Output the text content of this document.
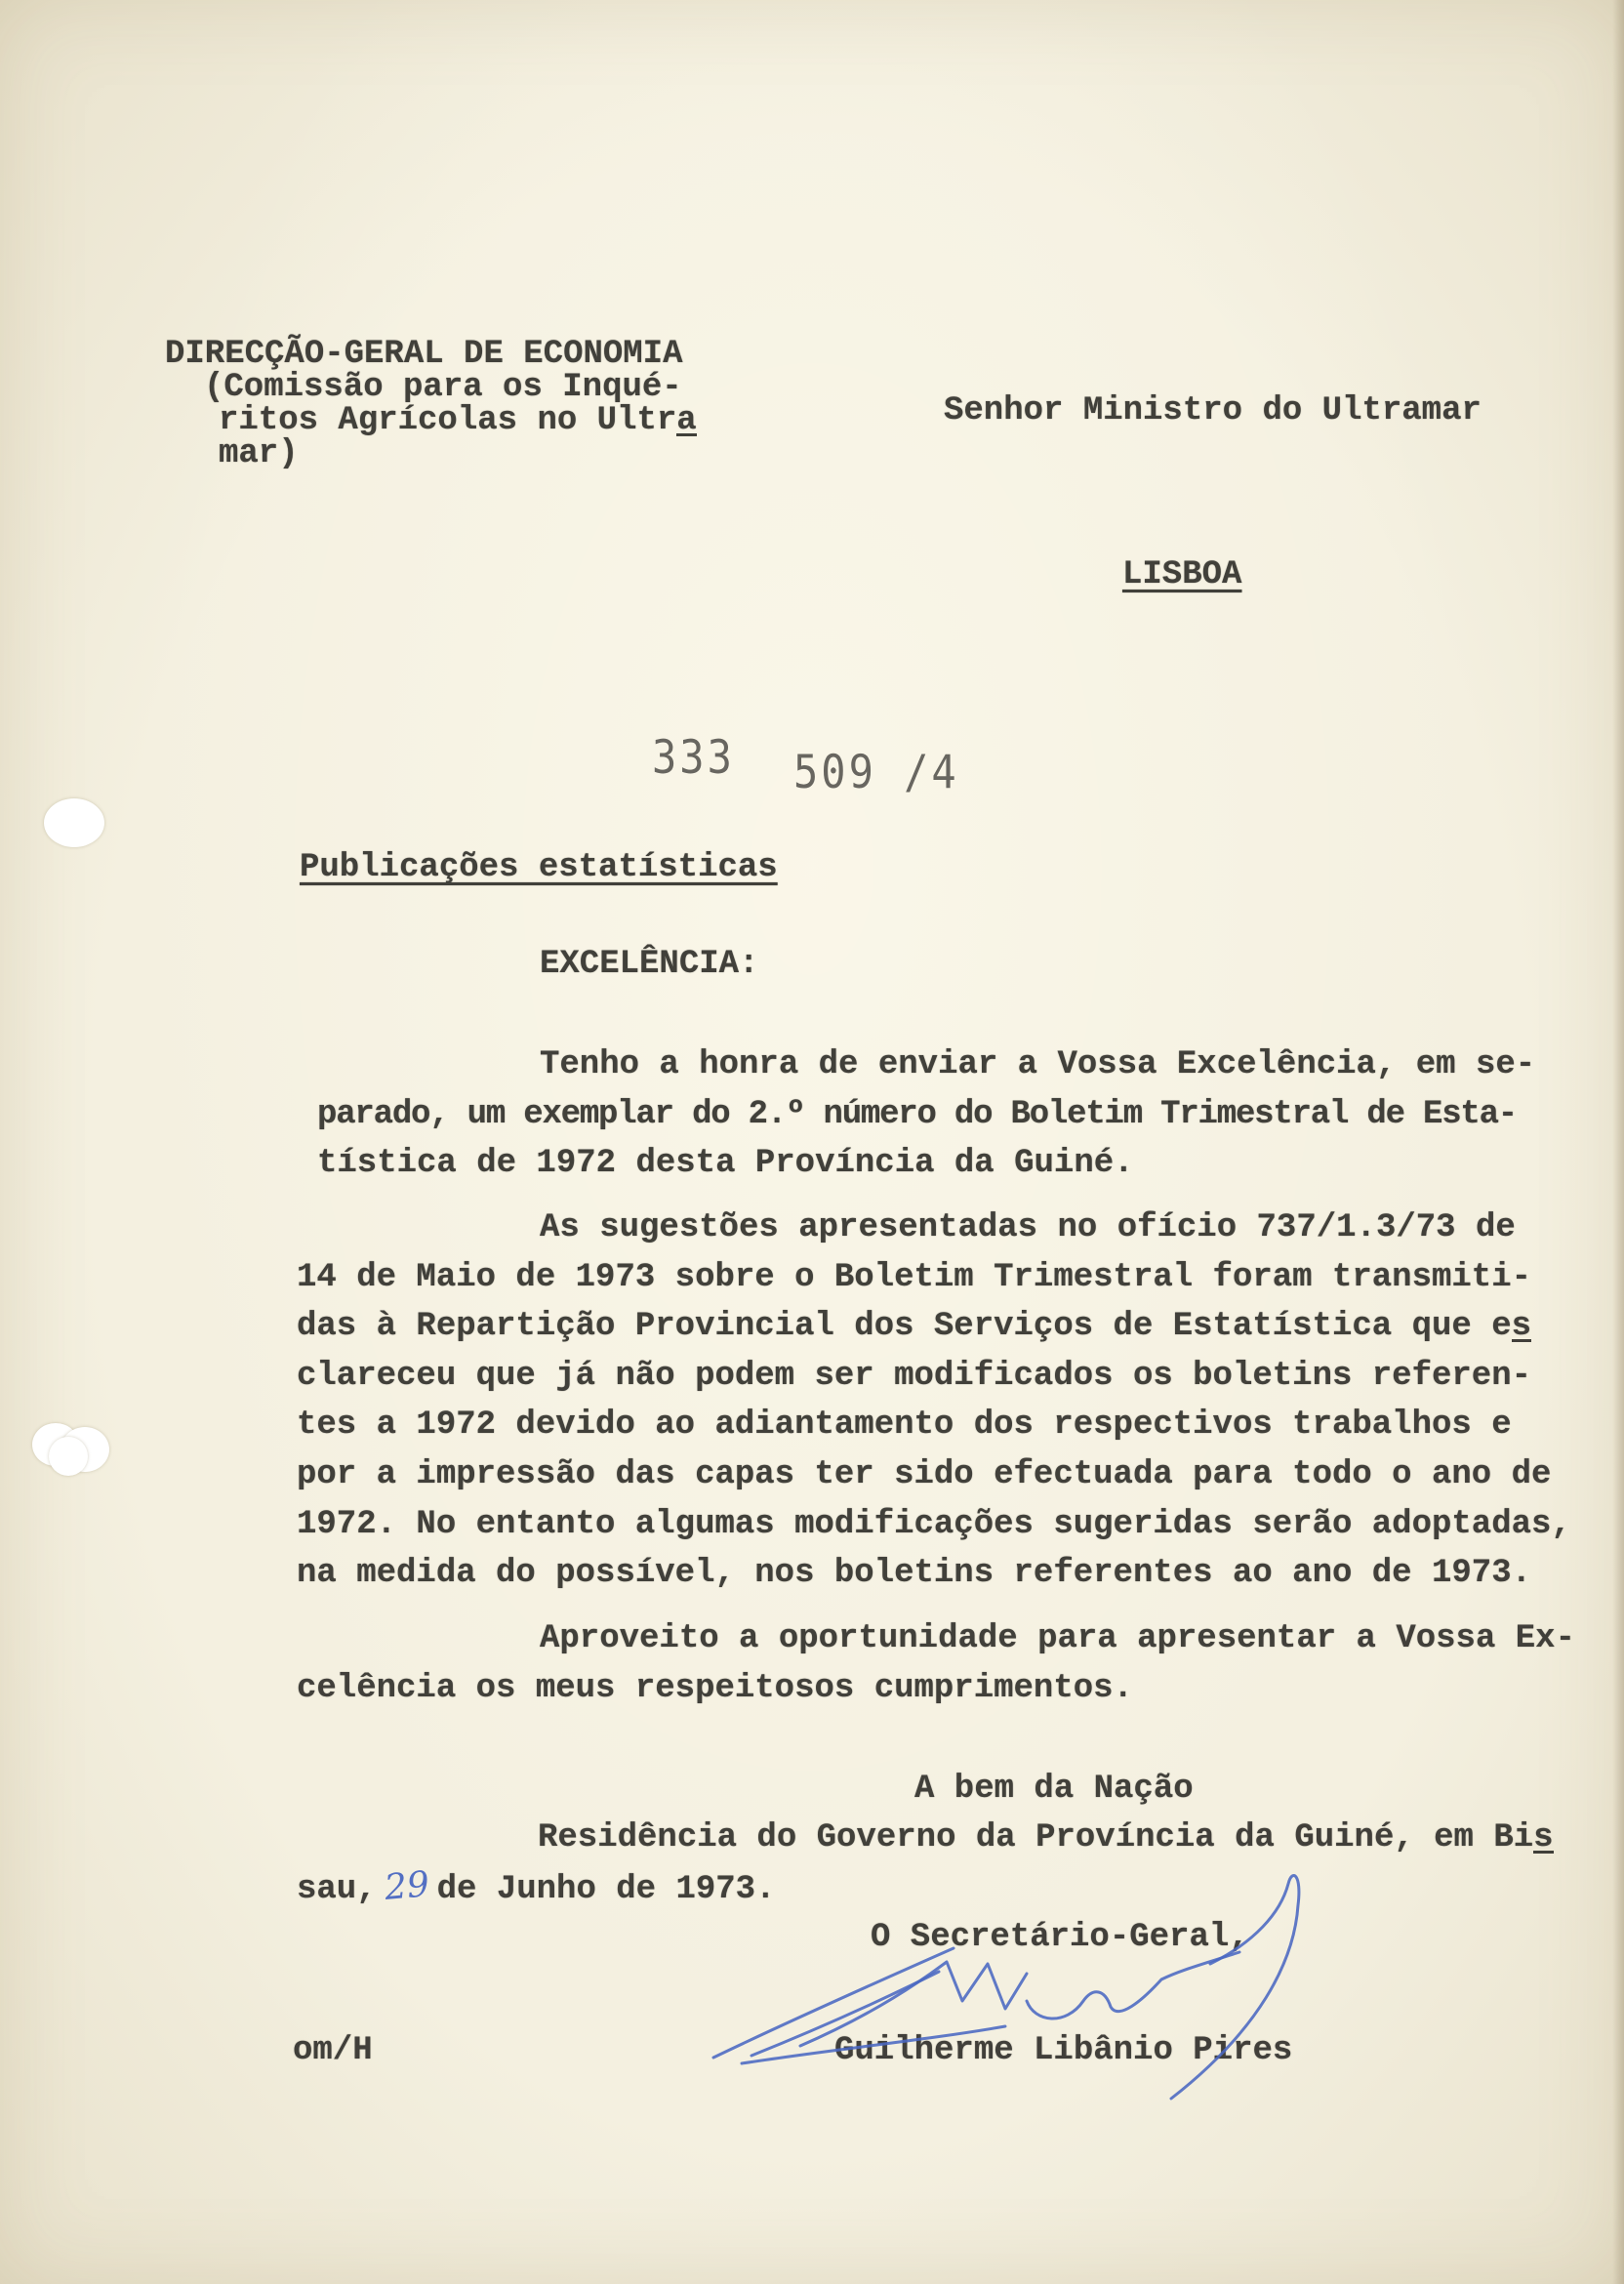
DIRECÇÃO-GERAL DE ECONOMIA
(Comissão para os Inqué-
ritos Agrícolas no Ultra
mar)
Senhor Ministro do Ultramar
LISBOA
333 509 /4
Publicações estatísticas
EXCELÊNCIA:
Tenho a honra de enviar a Vossa Excelência, em se-
parado, um exemplar do 2.º número do Boletim Trimestral de Esta-
tística de 1972 desta Província da Guiné.
As sugestões apresentadas no ofício 737/1.3/73 de
14 de Maio de 1973 sobre o Boletim Trimestral foram transmiti-
das à Repartição Provincial dos Serviços de Estatística que es
clareceu que já não podem ser modificados os boletins referen-
tes a 1972 devido ao adiantamento dos respectivos trabalhos e
por a impressão das capas ter sido efectuada para todo o ano de
1972. No entanto algumas modificações sugeridas serão adoptadas,
na medida do possível, nos boletins referentes ao ano de 1973.
Aproveito a oportunidade para apresentar a Vossa Ex-
celência os meus respeitosos cumprimentos.
A bem da Nação
Residência do Governo da Província da Guiné, em Bis
sau, 29 de Junho de 1973.
O Secretário-Geral,
om/H	Guilherme Libânio Pires
